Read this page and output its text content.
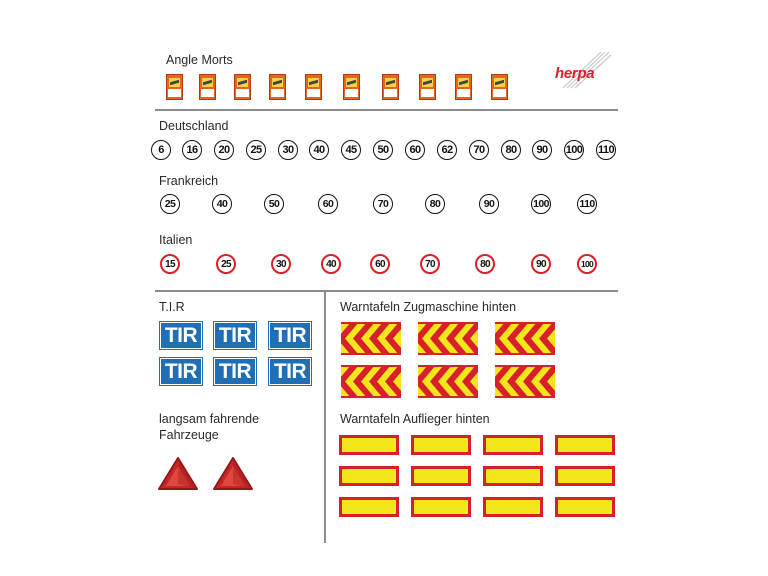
herpa
Angle Morts
Deutschland
6	16	20	25	30	40	45	50	60	62	70	80	90	100 110
Frankreich
25	40	50	60	70	80	90	100	110
Italien
15	25	30	40	60	70	80	90	100
T.I.R
TIR TIR TIR
TIR TIR TIR
langsam fahrende
Fahrzeuge
Warntafeln Zugmaschine hinten
Warntafeln Auflieger hinten
